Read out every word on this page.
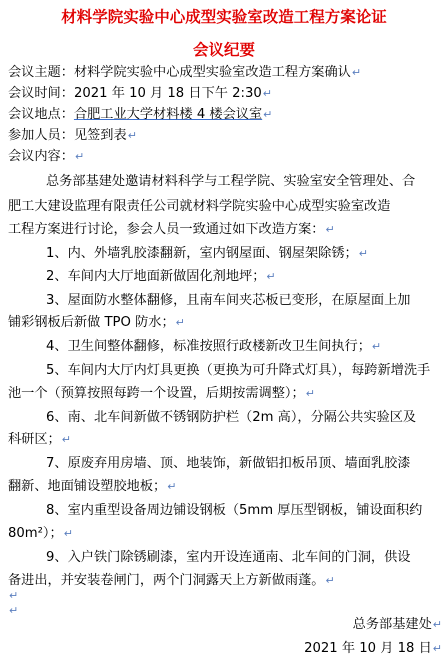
材料学院实验中心成型实验室改造工程方案论证
会议纪要
会议主题：材料学院实验中心成型实验室改造工程方案确认↵
会议时间：2021 年 10 月 18 日下午 2:30↵
会议地点：合肥工业大学材料楼 4 楼会议室↵
参加人员：见签到表↵
会议内容：↵
总务部基建处邀请材料科学与工程学院、实验室安全管理处、合
肥工大建设监理有限责任公司就材料学院实验中心成型实验室改造
工程方案进行讨论，参会人员一致通过如下改造方案：↵
1、内、外墙乳胶漆翻新，室内钢屋面、钢屋架除锈；↵
2、车间内大厅地面新做固化剂地坪；↵
3、屋面防水整体翻修，且南车间夹芯板已变形，在原屋面上加
铺彩钢板后新做 TPO 防水；↵
4、卫生间整体翻修，标准按照行政楼新改卫生间执行；↵
5、车间内大厅内灯具更换（更换为可升降式灯具），每跨新增洗手
池一个（预算按照每跨一个设置，后期按需调整）；↵
6、南、北车间新做不锈钢防护栏（2m 高），分隔公共实验区及
科研区；↵
7、原废弃用房墙、顶、地装饰，新做铝扣板吊顶、墙面乳胶漆
翻新、地面铺设塑胶地板；↵
8、室内重型设备周边铺设钢板（5mm 厚压型钢板，铺设面积约
80m²）；↵
9、入户铁门除锈刷漆，室内开设连通南、北车间的门洞，供设
备进出，并安装卷闸门，两个门洞露天上方新做雨蓬。↵
↵
↵
总务部基建处↵
2021 年 10 月 18 日↵
